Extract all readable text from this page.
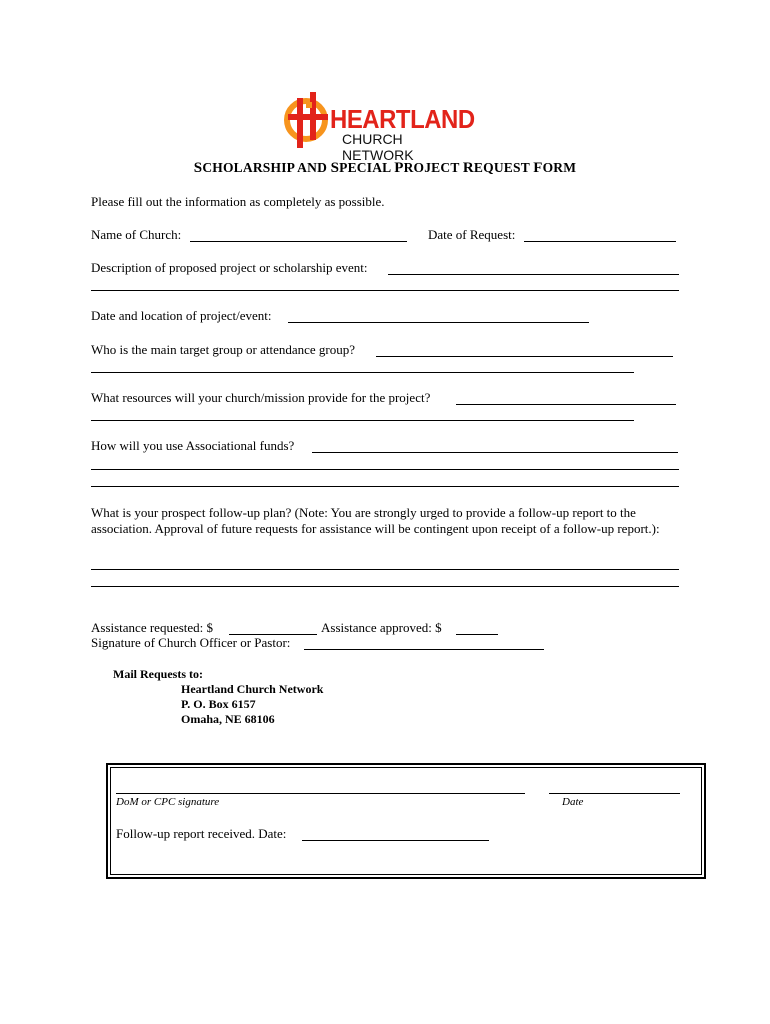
HEARTLAND
CHURCH NETWORK
SCHOLARSHIP AND SPECIAL PROJECT REQUEST FORM
Please fill out the information as completely as possible.
Name of Church:	Date of Request:
Description of proposed project or scholarship event:
Date and location of project/event:
Who is the main target group or attendance group?
What resources will your church/mission provide for the project?
How will you use Associational funds?
What is your prospect follow-up plan? (Note: You are strongly urged to provide a follow-up report to the association. Approval of future requests for assistance will be contingent upon receipt of a follow-up report.):
Assistance requested: $	Assistance approved: $
Signature of Church Officer or Pastor:
Mail Requests to:
Heartland Church Network
P. O. Box 6157
Omaha, NE 68106
DoM or CPC signature	Date
Follow-up report received. Date:
